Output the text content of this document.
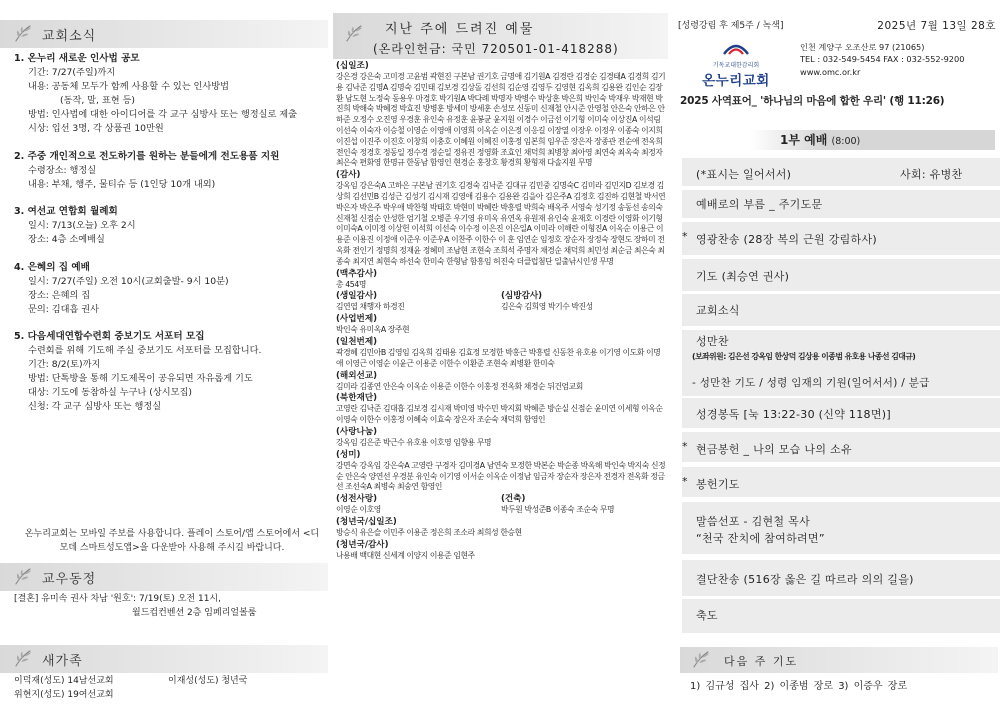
교회소식
1. 온누리 새로운 인사법 공모
기간: 7/27(주일)까지
내용: 공동체 모두가 함께 사용할 수 있는 인사방법
(동작, 말, 표현 등)
방법: 인사법에 대한 아이디어를 각 교구 심방사 또는 행정실로 제출
시상: 입선 3명, 각 상품권 10만원
2. 주중 개인적으로 전도하기를 원하는 분들에게 전도용품 지원
수령장소: 행정실
내용: 부채, 행주, 물티슈 등 (1인당 10개 내외)
3. 여선교 연합회 월례회
일시: 7/13(오늘) 오후 2시
장소: 4층 소예배실
4. 은혜의 집 예배
일시: 7/27(주일) 오전 10시(교회출발- 9시 10분)
장소: 은혜의 집
문의: 김대흡 권사
5. 다음세대연합수련회 중보기도 서포터 모집
수련회를 위해 기도해 주실 중보기도 서포터를 모집합니다.
기간: 8/2(토)까지
방법: 단톡방을 통해 기도제목이 공유되면 자유롭게 기도
대상: 기도에 동참하실 누구나 (상시모집)
신청: 각 교구 심방사 또는 행정실
온누리교회는 모바일 주보를 사용합니다. 플레이 스토어/앱 스토어에서 <디모데 스마트성도앱>을 다운받아 사용해 주시길 바랍니다.
교우동정
[결혼] 유미속 권사 차남 '원호': 7/19(토) 오전 11시,
월드컵컨벤션 2층 임페리얼볼룸
새가족
이덕재(성도) 14남선교회	이재성(성도) 청년국
위현지(성도) 19여선교회
지난 주에 드려진 예물
(온라인헌금: 국민 720501-01-418288)
(십일조)
강은경 강은숙 고미경 고윤범 곽현진 구본남 권기호 금명애 김기원A 김경란 김경순 김경태A 김경희 김기용 김낙준 김명A 김명숙 김민태 김보경 김상돌 김선희 김순영 김영두 김영현 김옥희 김용완 김인순 김장환 남도현 노정숙 동용우 마경호 박기원A 박다례 박명자 박병수 박상훈 박은희 박인숙 박재우 박재현 박진희 박해숙 박혜경 박효진 방병훈 방세미 방세훈 손성모 신동미 신재철 안시준 안영철 안은숙 안하은 안하준 오정수 오진영 우경훈 유인숙 유정훈 윤봉균 윤지원 이경수 이금선 이기형 이미숙 이상진A 이석림 이선숙 이숙자 이승철 이영순 이영애 이영희 이옥순 이은정 이응길 이장열 이장우 이정우 이종숙 이지희 이진섭 이진주 이진호 이창희 이충호 이혜원 이혜진 이홍정 임본희 임우준 장은자 장종관 전순애 전옥희 전인숙 정경호 정동일 정수경 정순일 정유진 정영화 조효인 채덕희 최병창 최아영 최연숙 최옥숙 최정자 최은숙 편화영 한명규 한동남 함영인 현경순 홍창호 황경희 황형재 다솔지원 무명
(감사)
강옥임 강은숙A 고하은 구본남 권기호 김경숙 김낙준 김대규 김민중 김명숙C 김미라 김민지D 김보경 김상희 김선민B 김성근 김성기 김시재 김영애 김용수 김용완 김을아 김은주A 김정호 김진하 김현철 박서연 박은자 박은주 박우애 박찬형 박태호 박현미 박혜란 박흥렬 박희숙 배옥주 서영숙 성기정 송동선 송의숙 신재철 신점순 안성한 엄기철 오병준 우기영 유미옥 유연옥 유원재 유인숙 윤재호 이경란 이영화 이기형 이미숙A 이미정 이상헌 이석희 이선숙 이수정 이은진 이은일A 이미라 이해란 이형진A 이옥순 이용근 이용준 이용진 이정애 이준우 이준우A 이찬주 이한수 이 훈 임연순 임정호 장순자 장정숙 장현도 장하미 전옥화 전인기 정명희 정재윤 정혜미 조남현 조현숙 조희석 주명자 채경순 채덕희 최민성 최순금 최은숙 최종숙 최지연 최현숙 하선숙 한미숙 한형남 함흥임 허진숙 더클럽첨단 일출낚시인생 무명
(맥추감사)
총 454명
(생일감사)
김연엽 채행자 하경진
(심방감사)
김은숙 김희영 박기수 박진성
(사업번제)
박인숙 유미옥A 장주현
(일천번제)
곽경혜 김민아B 김영임 김옥희 김태용 김효정 모정한 박홍근 박흥렬 신동찬 유호용 이기영 이도화 이명애 이영근 이영순 이윤근 이용준 이한수 이환준 조현숙 최병환 한미숙
(해외선교)
김미라 김종연 안은숙 이옥순 이용준 이한수 이홍정 전옥화 채경순 뒤건엄교회
(북한재단)
고영란 김낙준 김대흡 김보경 김시재 박미영 박수민 박지회 박혜준 방순실 신점순 윤미연 이세형 이옥순 이영숙 이한수 이홍정 이혜숙 이효숙 장은자 조순숙 채덕희 함영인
(사랑나눔)
강옥임 김은준 박근수 유호용 이호영 임향용 무명
(성미)
강면숙 강옥임 강은숙A 고영란 구경자 김미경A 남연숙 모정한 박본순 박순종 박옥해 박인숙 박지숙 신정순 안은숙 양연선 우경분 유인숙 이기영 이서순 이옥순 이정남 임금자 장순자 장은자 전경자 전옥화 정금선 조선숙A 최병숙 최숭연 함영인
(성전사랑)
이영순 이호영
(건축)
박두원 박성준B 이종숙 조순숙 무명
(청년국/십일조)
방승식 유은슬 이민주 이용준 정은희 조소라 최희성 한승현
(청년국/감사)
나용배 백대현 신세계 이양지 이용준 임현주
[성령강림 후 제5주 / 녹색]	2025년 7월 13일 28호
기독교대한감리회
온누리교회
인천 계양구 오조산로 97 (21065)
TEL : 032-549-5454 FAX : 032-552-9200
www.omc.or.kr
2025 사역표어_ '하나님의 마음에 합한 우리' (행 11:26)
1부 예배 (8:00)
(*표시는 일어서서)	사회: 유병찬
예배로의 부름 _ 주기도문
* 영광찬송 (28장 복의 근원 강림하사)
기도 (최승연 권사)
교회소식
성만찬
(보좌위원: 김은선 강옥임 한상덕 김상용 이종범 유호용 나종선 김대규)
- 성만찬 기도 / 성령 임재의 기원(일어서서) / 분급
성경봉독 [눅 13:22-30 (신약 118면)]
* 현금봉헌 _ 나의 모습 나의 소유
* 봉헌기도
말씀선포 - 김현철 목사
“천국 잔치에 참여하려면”
결단찬송 (516장 옳은 길 따르라 의의 길을)
축도
다음 주 기도
1) 김규성 집사 2) 이종범 장로 3) 이증우 장로
